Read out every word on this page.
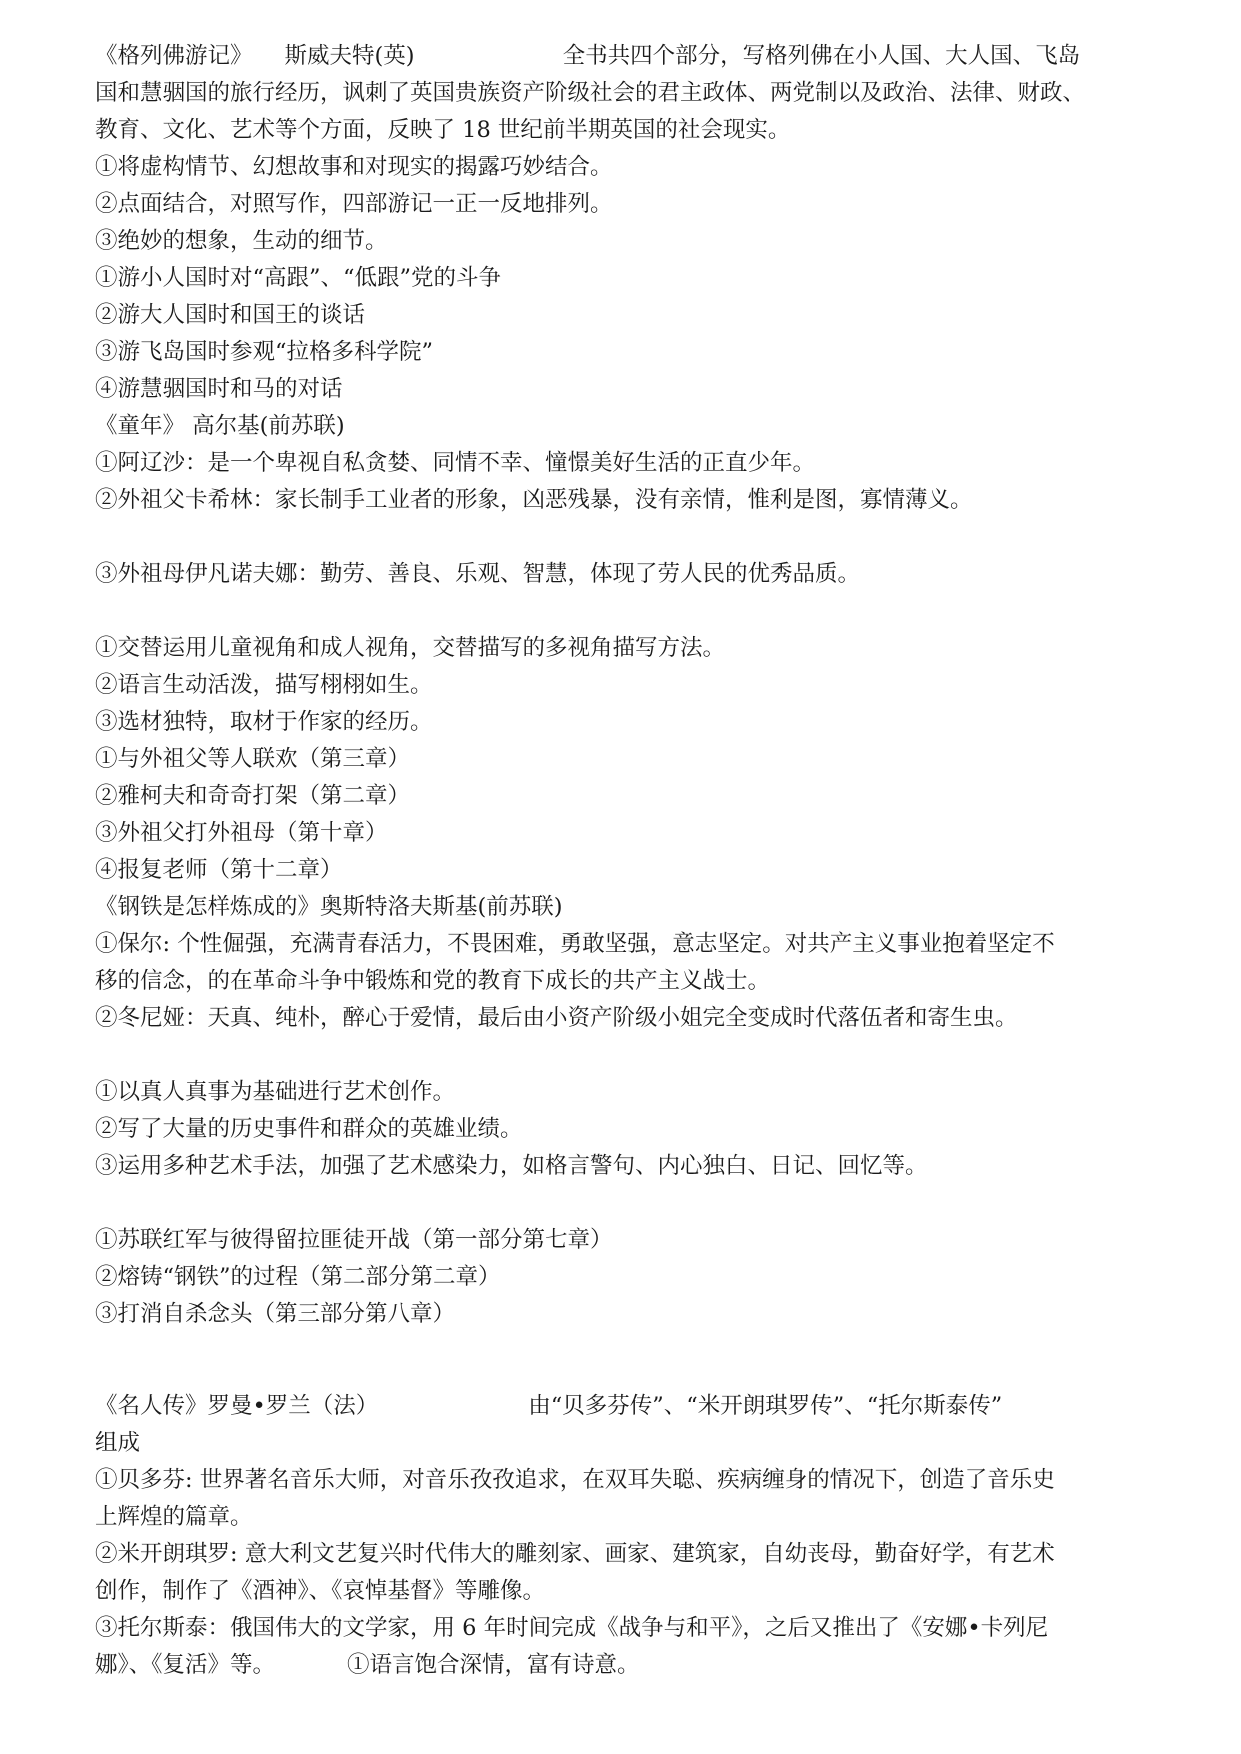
《格列佛游记》 斯威夫特(英)	全书共四个部分，写格列佛在小人国、大人国、飞岛
国和慧骃国的旅行经历，讽刺了英国贵族资产阶级社会的君主政体、两党制以及政治、法律、财政、
教育、文化、艺术等个方面，反映了 18 世纪前半期英国的社会现实。
①将虚构情节、幻想故事和对现实的揭露巧妙结合。
②点面结合，对照写作，四部游记一正一反地排列。
③绝妙的想象，生动的细节。
①游小人国时对“高跟”、“低跟”党的斗争
②游大人国时和国王的谈话
③游飞岛国时参观“拉格多科学院”
④游慧骃国时和马的对话
《童年》 高尔基(前苏联)
①阿辽沙：是一个卑视自私贪婪、同情不幸、憧憬美好生活的正直少年。
②外祖父卡希林：家长制手工业者的形象，凶恶残暴，没有亲情，惟利是图，寡情薄义。
③外祖母伊凡诺夫娜：勤劳、善良、乐观、智慧，体现了劳人民的优秀品质。
①交替运用儿童视角和成人视角，交替描写的多视角描写方法。
②语言生动活泼，描写栩栩如生。
③选材独特，取材于作家的经历。
①与外祖父等人联欢（第三章）
②雅柯夫和奇奇打架（第二章）
③外祖父打外祖母（第十章）
④报复老师（第十二章）
《钢铁是怎样炼成的》奥斯特洛夫斯基(前苏联)
①保尔: 个性倔强，充满青春活力，不畏困难，勇敢坚强，意志坚定。对共产主义事业抱着坚定不
移的信念，的在革命斗争中锻炼和党的教育下成长的共产主义战士。
②冬尼娅：天真、纯朴，醉心于爱情，最后由小资产阶级小姐完全变成时代落伍者和寄生虫。
①以真人真事为基础进行艺术创作。
②写了大量的历史事件和群众的英雄业绩。
③运用多种艺术手法，加强了艺术感染力，如格言警句、内心独白、日记、回忆等。
①苏联红军与彼得留拉匪徒开战（第一部分第七章）
②熔铸“钢铁”的过程（第二部分第二章）
③打消自杀念头（第三部分第八章）
《名人传》罗曼•罗兰（法）	由“贝多芬传”、“米开朗琪罗传”、“托尔斯泰传”
组成
①贝多芬: 世界著名音乐大师，对音乐孜孜追求，在双耳失聪、疾病缠身的情况下，创造了音乐史
上辉煌的篇章。
②米开朗琪罗: 意大利文艺复兴时代伟大的雕刻家、画家、建筑家，自幼丧母，勤奋好学，有艺术
创作，制作了《酒神》、《哀悼基督》等雕像。
③托尔斯泰：俄国伟大的文学家，用 6 年时间完成《战争与和平》，之后又推出了《安娜•卡列尼
娜》、《复活》等。	①语言饱合深情，富有诗意。
